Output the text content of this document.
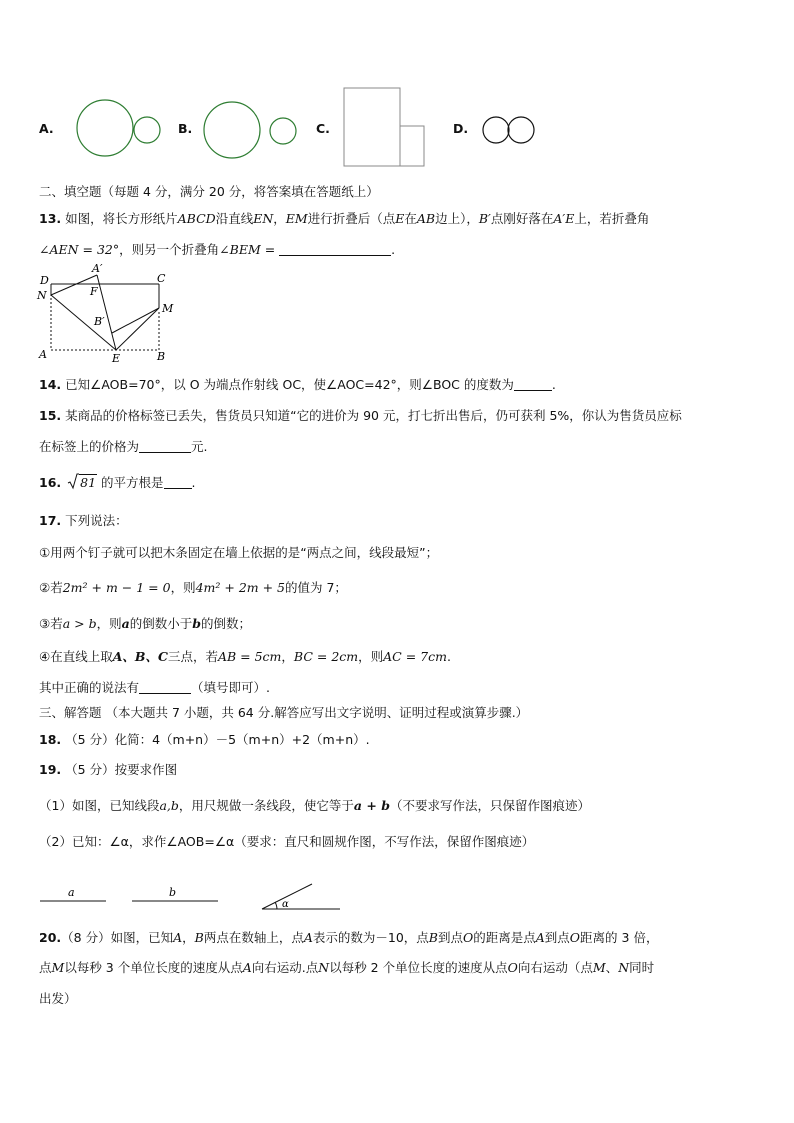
A.	B.	C.	D.
二、填空题（每题 4 分，满分 20 分，将答案填在答题纸上）
13. 如图，将长方形纸片ABCD沿直线EN，EM进行折叠后（点E在AB边上），B′点刚好落在A′E上，若折叠角
∠AEN = 32°，则另一个折叠角∠BEM =	.
D
A′
C
N	F
M
B′
A	E	B
14. 已知∠AOB=70°，以 O 为端点作射线 OC，使∠AOC=42°，则∠BOC 的度数为	.
15. 某商品的价格标签已丢失，售货员只知道“它的进价为 90 元，打七折出售后，仍可获利 5%，你认为售货员应标
在标签上的价格为	元.
16. 81 的平方根是 .
17. 下列说法：
①用两个钉子就可以把木条固定在墙上依据的是“两点之间，线段最短”；
②若2m² + m − 1 = 0，则4m² + 2m + 5的值为 7；
③若a > b，则a的倒数小于b的倒数；
④在直线上取A、B、C三点，若AB = 5cm，BC = 2cm，则AC = 7cm.
其中正确的说法有	（填号即可）.
三、解答题 （本大题共 7 小题，共 64 分.解答应写出文字说明、证明过程或演算步骤.）
18. （5 分）化简：4（m+n）－5（m+n）+2（m+n）.
19. （5 分）按要求作图
（1）如图，已知线段a,b，用尺规做一条线段，使它等于a + b（不要求写作法，只保留作图痕迹）
（2）已知：∠α，求作∠AOB=∠α（要求：直尺和圆规作图，不写作法，保留作图痕迹）
a	b
α
20.（8 分）如图，已知A，B两点在数轴上，点A表示的数为－10，点B到点O的距离是点A到点O距离的 3 倍，
点M以每秒 3 个单位长度的速度从点A向右运动.点N以每秒 2 个单位长度的速度从点O向右运动（点M、N同时
出发）
